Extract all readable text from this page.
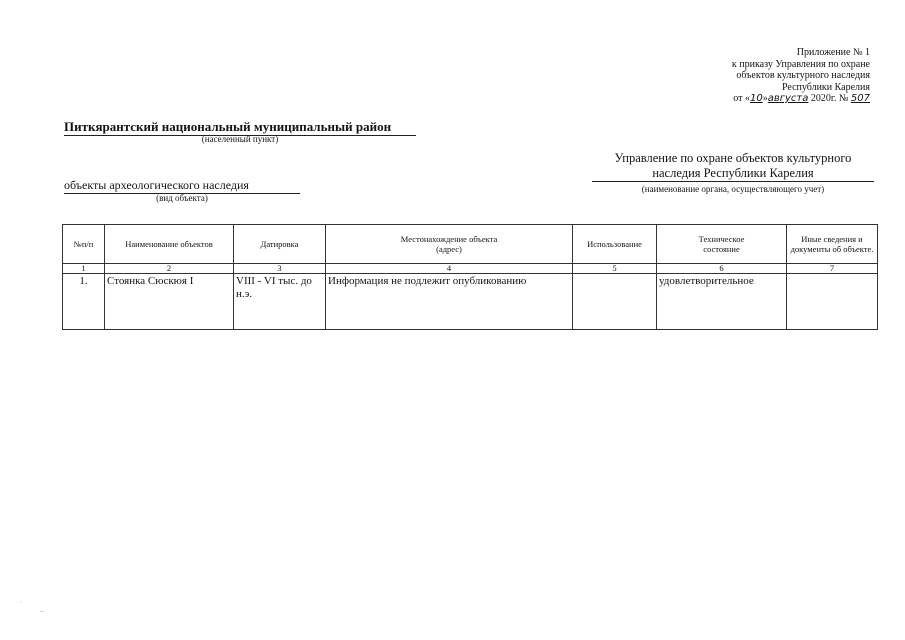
Приложение № 1
к приказу Управления по охране
объектов культурного наследия
Республики Карелия
от «10»августа 2020г. № 507
Питкярантский национальный муниципальный район
(населенный пункт)
Управление по охране объектов культурного наследия Республики Карелия
(наименование органа, осуществляющего учет)
объекты археологического наследия
(вид объекта)
№п/п	Наименование объектов	Датировка	Местонахождение объекта
(адрес)	Использование	Техническое
состояние	Иные сведения и документы об объекте.
1	2	3	4	5	6	7
1.	Стоянка Сюскюя I	VIII - VI тыс. до н.э.	Информация не подлежит опубликованию		удовлетворительное	
·
‥
